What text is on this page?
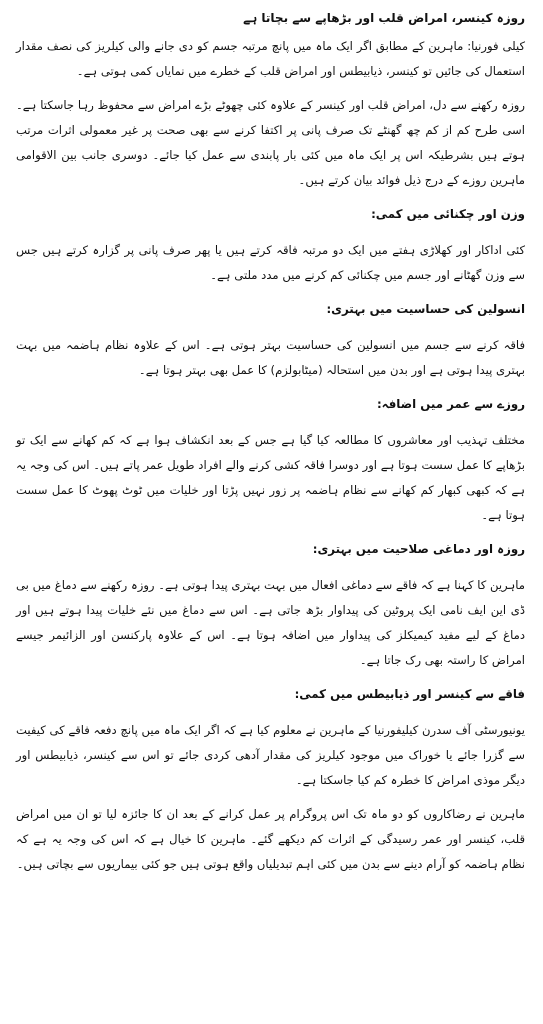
روزہ کینسر، امراض قلب اور بڑھاپے سے بچاتا ہے

کیلی فورنیا: ماہرین کے مطابق اگر ایک ماہ میں پانچ مرتبہ جسم کو دی جانے والی کیلریز کی نصف مقدار استعمال کی جائیں تو کینسر، ذیابیطس اور امراض قلب کے خطرے میں نمایاں کمی ہوتی ہے۔

روزہ رکھنے سے دل، امراض قلب اور کینسر کے علاوہ کئی چھوٹے بڑے امراض سے محفوظ رہا جاسکتا ہے۔ اسی طرح کم از کم چھ گھنٹے تک صرف پانی پر اکتفا کرنے سے بھی صحت پر غیر معمولی اثرات مرتب ہوتے ہیں بشرطیکہ اس پر ایک ماہ میں کئی بار پابندی سے عمل کیا جائے۔ دوسری جانب بین الاقوامی ماہرین روزے کے درج ذیل فوائد بیان کرتے ہیں۔

وزن اور چکنائی میں کمی:

کئی اداکار اور کھلاڑی ہفتے میں ایک دو مرتبہ فاقہ کرتے ہیں یا پھر صرف پانی پر گزارہ کرتے ہیں جس سے وزن گھٹانے اور جسم میں چکنائی کم کرنے میں مدد ملتی ہے۔

انسولین کی حساسیت میں بہتری:

فاقہ کرنے سے جسم میں انسولین کی حساسیت بہتر ہوتی ہے۔ اس کے علاوہ نظام ہاضمہ میں بہت بہتری پیدا ہوتی ہے اور بدن میں استحالہ (میٹابولزم) کا عمل بھی بہتر ہوتا ہے۔

روزے سے عمر میں اضافہ:

مختلف تہذیب اور معاشروں کا مطالعہ کیا گیا ہے جس کے بعد انکشاف ہوا ہے کہ کم کھانے سے ایک تو بڑھاپے کا عمل سست ہوتا ہے اور دوسرا فاقہ کشی کرنے والے افراد طویل عمر پاتے ہیں۔ اس کی وجہ یہ ہے کہ کبھی کبھار کم کھانے سے نظام ہاضمہ پر زور نہیں پڑتا اور خلیات میں ٹوٹ پھوٹ کا عمل سست ہوتا ہے۔

روزہ اور دماغی صلاحیت میں بہتری:

ماہرین کا کہنا ہے کہ فاقے سے دماغی افعال میں بہت بہتری پیدا ہوتی ہے۔ روزہ رکھنے سے دماغ میں بی ڈی این ایف نامی ایک پروٹین کی پیداوار بڑھ جاتی ہے۔ اس سے دماغ میں نئے خلیات پیدا ہوتے ہیں اور دماغ کے لیے مفید کیمیکلز کی پیداوار میں اضافہ ہوتا ہے۔ اس کے علاوہ پارکنسن اور الزائیمر جیسے امراض کا راستہ بھی رک جاتا ہے۔

فاقے سے کینسر اور ذیابیطس میں کمی:

یونیورسٹی آف سدرن کیلیفورنیا کے ماہرین نے معلوم کیا ہے کہ اگر ایک ماہ میں پانچ دفعہ فاقے کی کیفیت سے گزرا جائے یا خوراک میں موجود کیلریز کی مقدار آدھی کردی جائے تو اس سے کینسر، ذیابیطس اور دیگر موذی امراض کا خطرہ کم کیا جاسکتا ہے۔

ماہرین نے رضاکاروں کو دو ماہ تک اس پروگرام پر عمل کرانے کے بعد ان کا جائزہ لیا تو ان میں امراض قلب، کینسر اور عمر رسیدگی کے اثرات کم دیکھے گئے۔ ماہرین کا خیال ہے کہ اس کی وجہ یہ ہے کہ نظام ہاضمہ کو آرام دینے سے بدن میں کئی اہم تبدیلیاں واقع ہوتی ہیں جو کئی بیماریوں سے بچاتی ہیں۔
